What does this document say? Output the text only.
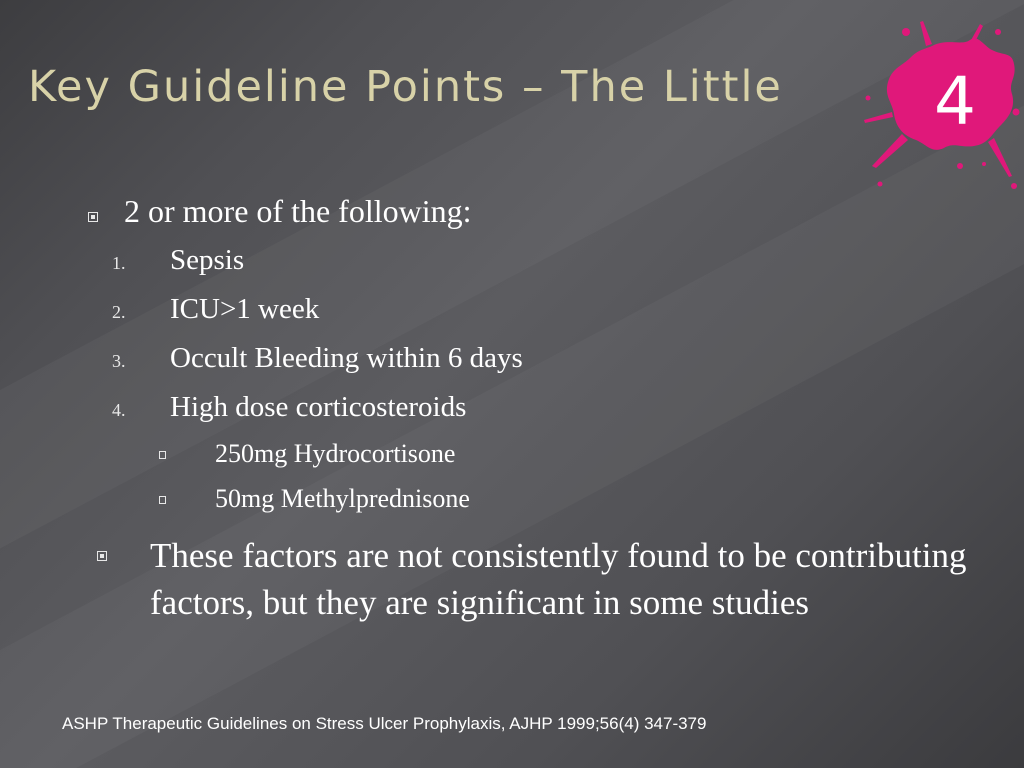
Key Guideline Points – The Little 4
2 or more of the following:
1. Sepsis
2. ICU>1 week
3. Occult Bleeding within 6 days
4. High dose corticosteroids
250mg Hydrocortisone
50mg Methylprednisone

These factors are not consistently found to be contributing factors, but they are significant in some studies

ASHP Therapeutic Guidelines on Stress Ulcer Prophylaxis, AJHP 1999;56(4) 347-379
